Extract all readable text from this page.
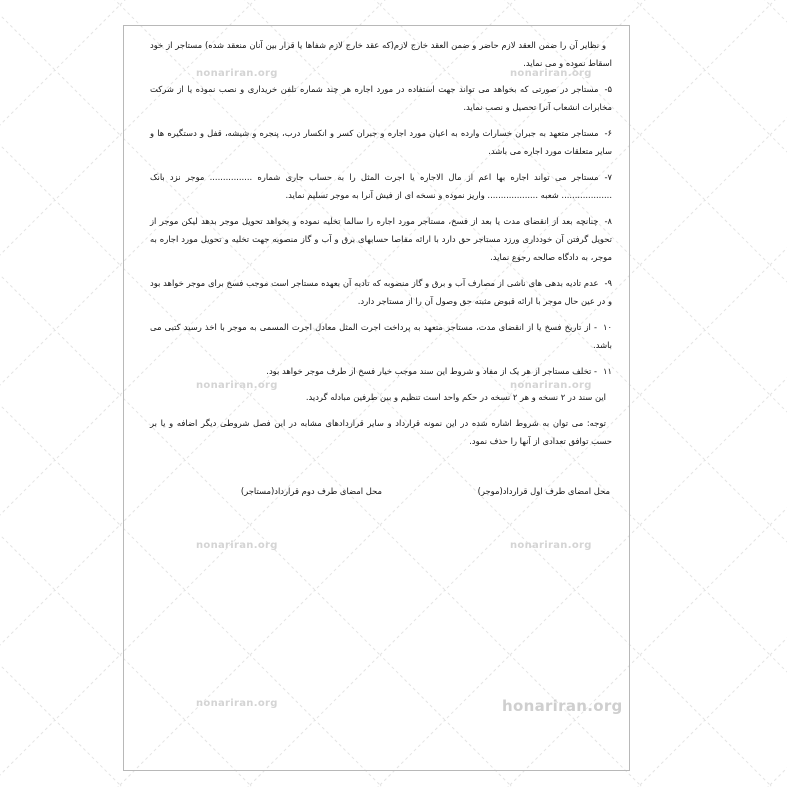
و نظایر آن را ضمن العقد لازم حاضر و ضمن العقد خارج لازم(که عقد خارج لازم شفاها یا قرار بین آنان منعقد شده) مستاجر از خود اسقاط نموده و می نماید.

۵-مستاجر در صورتی که بخواهد می تواند جهت استفاده در مورد اجاره هر چند شماره تلفن خریداری و نصب نموده یا از شرکت مخابرات انشعاب آنرا تحصیل و نصب نماید.

۶-مستاجر متعهد به جبران خسارات وارده به اعیان مورد اجاره و جبران کسر و انکسار درب، پنجره و شیشه، قفل و دستگیره ها و سایر متعلقات مورد اجاره می باشد.

۷-مستاجر می تواند اجاره بها اعم از مال الاجاره یا اجرت المثل را به حساب جاری شماره ................ موجر نزد بانک ................... شعبه ................... واریز نموده و نسخه ای از فیش آنرا به موجر تسلیم نماید.

۸-چنانچه بعد از انقضای مدت یا بعد از فسخ، مستاجر مورد اجاره را سالما تخلیه نموده و بخواهد تحویل موجر بدهد لیکن موجر از تحویل گرفتن آن خودداری ورزد مستاجر حق دارد با ارائه مفاصا حسابهای برق و آب و گاز منصوبه جهت تخلیه و تحویل مورد اجاره به موجر، به دادگاه صالحه رجوع نماید.

۹-عدم تادیه بدهی های ناشی از مصارف آب و برق و گاز منصوبه که تادیه آن بعهده مستاجر است موجب فسخ برای موجر خواهد بود و در عین حال موجر با ارائه قبوض مثبته حق وصول آن را از مستاجر دارد.

۱۰- از تاریخ فسخ یا از انقضای مدت، مستاجر متعهد به پرداخت اجرت المثل معادل اجرت المسمی به موجر با اخذ رسید کتبی می باشد.

۱۱- تخلف مستاجر از هر یک از مفاد و شروط این سند موجب خیار فسخ از طرف موجر خواهد بود.

این سند در ۲ نسخه و هر ۲ نسخه در حکم واحد است تنظیم و بین طرفین مبادله گردید.

توجه: می توان به شروط اشاره شده در این نمونه قرارداد و سایر قراردادهای مشابه در این فصل شروطی دیگر اضافه و یا بر حسب توافق تعدادی از آنها را حذف نمود.

محل امضای طرف اول قرارداد(موجر)
محل امضای طرف دوم قرارداد(مستاجر)
nonariran.org	nonariran.org
nonariran.org	nonariran.org
nonariran.org	nonariran.org
nonariran.org	honariran.org
